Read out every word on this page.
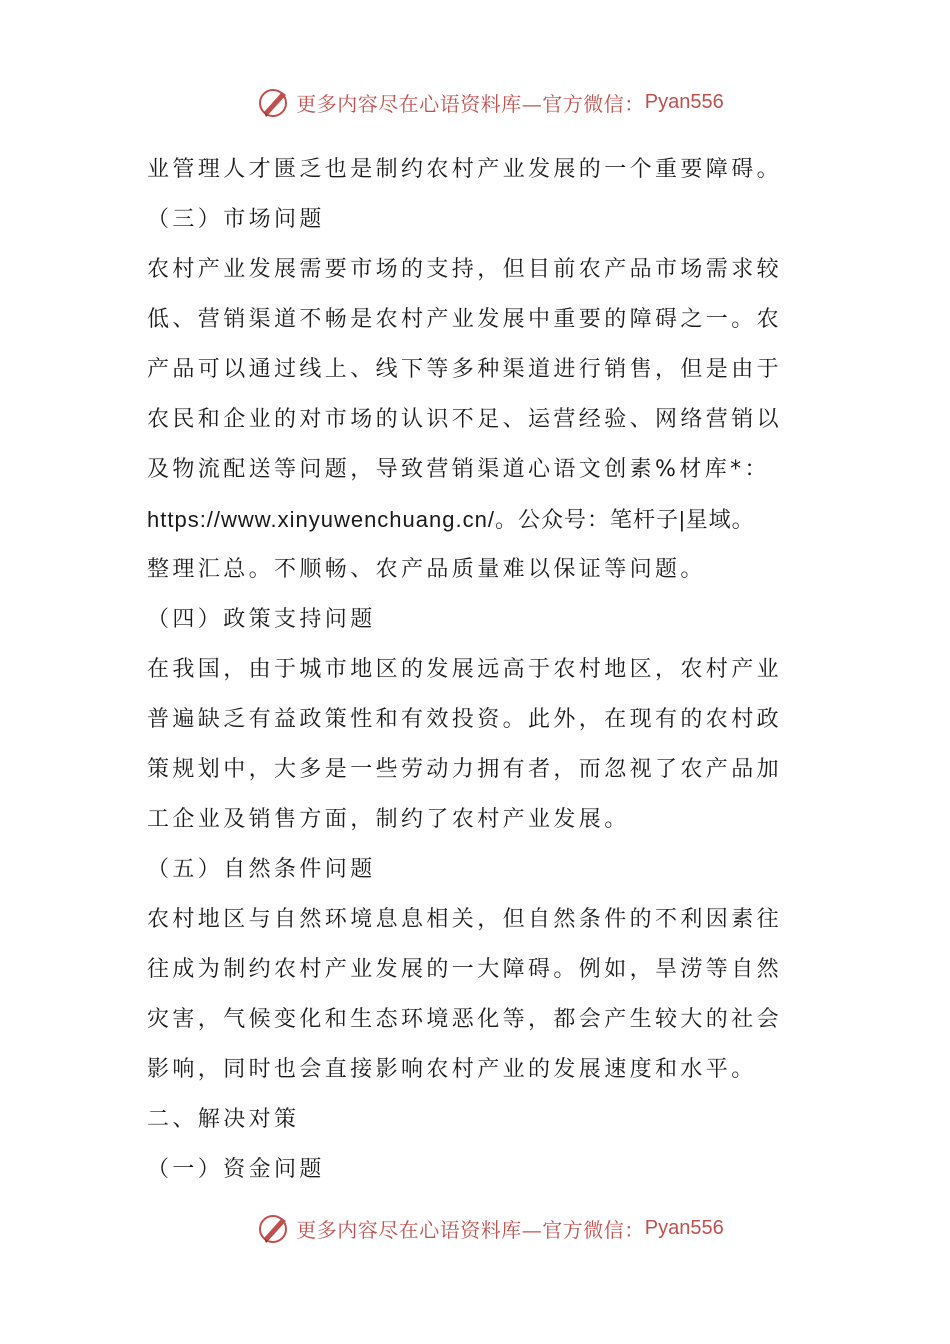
更多内容尽在心语资料库—官方微信： Pyan556
业管理人才匮乏也是制约农村产业发展的一个重要障碍。
（三）市场问题
农村产业发展需要市场的支持，但目前农产品市场需求较
低、营销渠道不畅是农村产业发展中重要的障碍之一。农
产品可以通过线上、线下等多种渠道进行销售，但是由于
农民和企业的对市场的认识不足、运营经验、网络营销以
及物流配送等问题，导致营销渠道心语文创素%材库*：
https://www.xinyuwenchuang.cn/。公众号：笔杆子|星域。
整理汇总。不顺畅、农产品质量难以保证等问题。
（四）政策支持问题
在我国，由于城市地区的发展远高于农村地区，农村产业
普遍缺乏有益政策性和有效投资。此外，在现有的农村政
策规划中，大多是一些劳动力拥有者，而忽视了农产品加
工企业及销售方面，制约了农村产业发展。
（五）自然条件问题
农村地区与自然环境息息相关，但自然条件的不利因素往
往成为制约农村产业发展的一大障碍。例如，旱涝等自然
灾害，气候变化和生态环境恶化等，都会产生较大的社会
影响，同时也会直接影响农村产业的发展速度和水平。
二、解决对策
（一）资金问题
更多内容尽在心语资料库—官方微信： Pyan556
